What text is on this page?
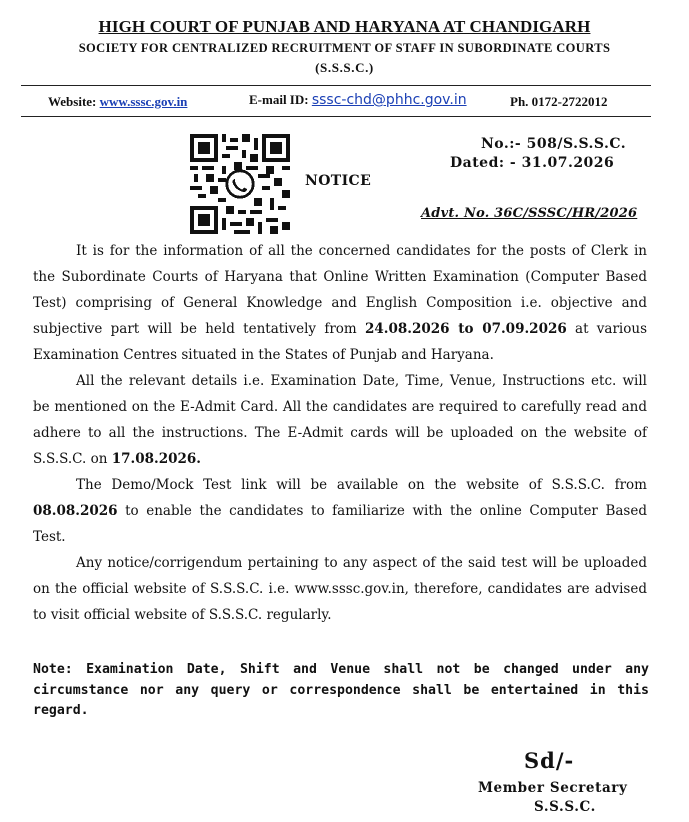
HIGH COURT OF PUNJAB AND HARYANA AT CHANDIGARH
SOCIETY FOR CENTRALIZED RECRUITMENT OF STAFF IN SUBORDINATE COURTS
(S.S.S.C.)
Website: www.sssc.gov.in	E-mail ID: sssc-chd@phhc.gov.in	Ph. 0172-2722012
NOTICE
No.:- 508/S.S.S.C.
Dated: - 31.07.2026
Advt. No. 36C/SSSC/HR/2026

It is for the information of all the concerned candidates for the posts of Clerk in the Subordinate Courts of Haryana that Online Written Examination (Computer Based Test) comprising of General Knowledge and English Composition i.e. objective and subjective part will be held tentatively from 24.08.2026 to 07.09.2026 at various Examination Centres situated in the States of Punjab and Haryana.

All the relevant details i.e. Examination Date, Time, Venue, Instructions etc. will be mentioned on the E-Admit Card. All the candidates are required to carefully read and adhere to all the instructions. The E-Admit cards will be uploaded on the website of S.S.S.C. on 17.08.2026.

The Demo/Mock Test link will be available on the website of S.S.S.C. from 08.08.2026 to enable the candidates to familiarize with the online Computer Based Test.

Any notice/corrigendum pertaining to any aspect of the said test will be uploaded on the official website of S.S.S.C. i.e. www.sssc.gov.in, therefore, candidates are advised to visit official website of S.S.S.C. regularly.

Note: Examination Date, Shift and Venue shall not be changed under any circumstance nor any query or correspondence shall be entertained in this regard.
Sd/-
Member Secretary
S.S.S.C.
